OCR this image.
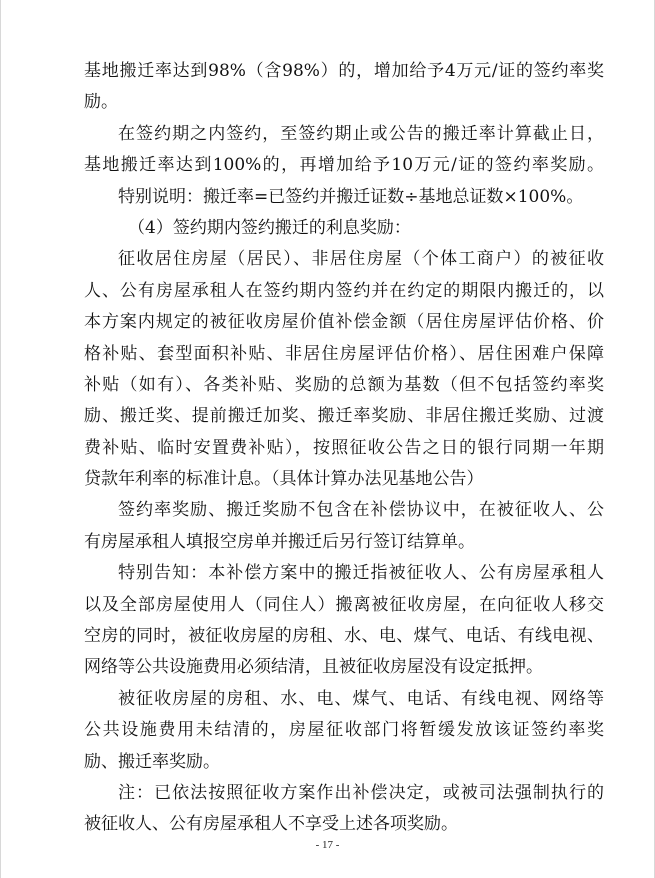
基地搬迁率达到98%（含98%）的，增加给予4万元/证的签约率奖
励。
在签约期之内签约，至签约期止或公告的搬迁率计算截止日，
基地搬迁率达到100%的，再增加给予10万元/证的签约率奖励。
特别说明：搬迁率=已签约并搬迁证数÷基地总证数×100%。
（4）签约期内签约搬迁的利息奖励：
征收居住房屋（居民）、非居住房屋（个体工商户）的被征收
人、公有房屋承租人在签约期内签约并在约定的期限内搬迁的，以
本方案内规定的被征收房屋价值补偿金额（居住房屋评估价格、价
格补贴、套型面积补贴、非居住房屋评估价格）、居住困难户保障
补贴（如有）、各类补贴、奖励的总额为基数（但不包括签约率奖
励、搬迁奖、提前搬迁加奖、搬迁率奖励、非居住搬迁奖励、过渡
费补贴、临时安置费补贴），按照征收公告之日的银行同期一年期
贷款年利率的标准计息。（具体计算办法见基地公告）
签约率奖励、搬迁奖励不包含在补偿协议中，在被征收人、公
有房屋承租人填报空房单并搬迁后另行签订结算单。
特别告知：本补偿方案中的搬迁指被征收人、公有房屋承租人
以及全部房屋使用人（同住人）搬离被征收房屋，在向征收人移交
空房的同时，被征收房屋的房租、水、电、煤气、电话、有线电视、
网络等公共设施费用必须结清，且被征收房屋没有设定抵押。
被征收房屋的房租、水、电、煤气、电话、有线电视、网络等
公共设施费用未结清的，房屋征收部门将暂缓发放该证签约率奖
励、搬迁率奖励。
注：已依法按照征收方案作出补偿决定，或被司法强制执行的
被征收人、公有房屋承租人不享受上述各项奖励。
- 17 -
